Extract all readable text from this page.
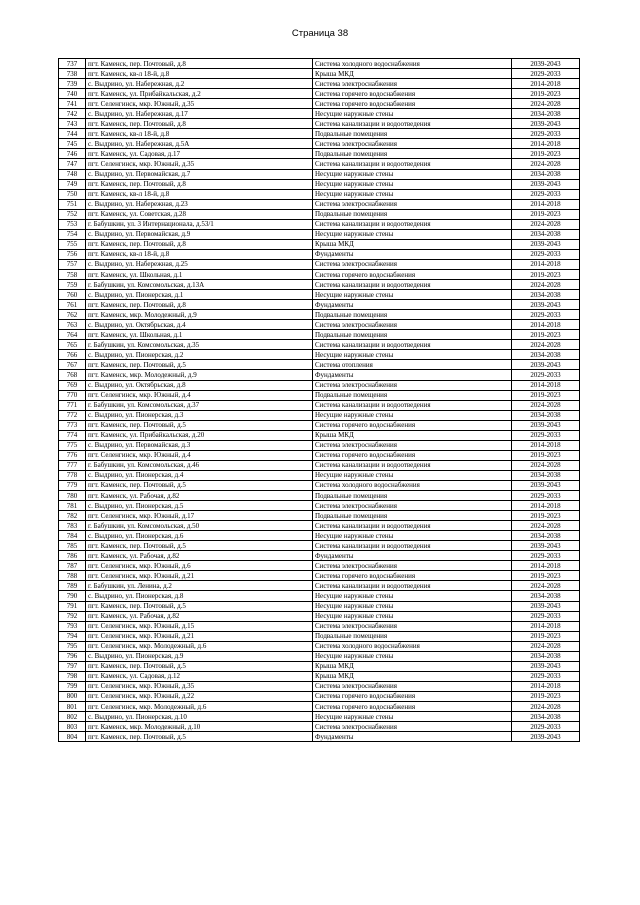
Страница 38
737	пгт. Каменск, пер. Почтовый, д.8	Система холодного водоснабжения	2039-2043
738	пгт. Каменск, кв-л 18-й, д.8	Крыша МКД	2029-2033
739	с. Выдрино, ул. Набережная, д.2	Система электроснабжения	2014-2018
740	пгт. Каменск, ул. Прибайкальская, д.2	Система горячего водоснабжения	2019-2023
741	пгт. Селенгинск, мкр. Южный, д.35	Система горячего водоснабжения	2024-2028
742	с. Выдрино, ул. Набережная, д.17	Несущие наружные стены	2034-2038
743	пгт. Каменск, пер. Почтовый, д.8	Система канализации и водоотведения	2039-2043
744	пгт. Каменск, кв-л 18-й, д.8	Подвальные помещения	2029-2033
745	с. Выдрино, ул. Набережная, д.5А	Система электроснабжения	2014-2018
746	пгт. Каменск, ул. Садовая, д.17	Подвальные помещения	2019-2023
747	пгт. Селенгинск, мкр. Южный, д.35	Система канализации и водоотведения	2024-2028
748	с. Выдрино, ул. Первомайская, д.7	Несущие наружные стены	2034-2038
749	пгт. Каменск, пер. Почтовый, д.8	Несущие наружные стены	2039-2043
750	пгт. Каменск, кв-л 18-й, д.8	Несущие наружные стены	2029-2033
751	с. Выдрино, ул. Набережная, д.23	Система электроснабжения	2014-2018
752	пгт. Каменск, ул. Советская, д.28	Подвальные помещения	2019-2023
753	г. Бабушкин, ул. 3 Интернационала, д.53/1	Система канализации и водоотведения	2024-2028
754	с. Выдрино, ул. Первомайская, д.9	Несущие наружные стены	2034-2038
755	пгт. Каменск, пер. Почтовый, д.8	Крыша МКД	2039-2043
756	пгт. Каменск, кв-л 18-й, д.8	Фундаменты	2029-2033
757	с. Выдрино, ул. Набережная, д.25	Система электроснабжения	2014-2018
758	пгт. Каменск, ул. Школьная, д.1	Система горячего водоснабжения	2019-2023
759	г. Бабушкин, ул. Комсомольская, д.13А	Система канализации и водоотведения	2024-2028
760	с. Выдрино, ул. Пионерская, д.1	Несущие наружные стены	2034-2038
761	пгт. Каменск, пер. Почтовый, д.8	Фундаменты	2039-2043
762	пгт. Каменск, мкр. Молодежный, д.9	Подвальные помещения	2029-2033
763	с. Выдрино, ул. Октябрьская, д.4	Система электроснабжения	2014-2018
764	пгт. Каменск, ул. Школьная, д.1	Подвальные помещения	2019-2023
765	г. Бабушкин, ул. Комсомольская, д.35	Система канализации и водоотведения	2024-2028
766	с. Выдрино, ул. Пионерская, д.2	Несущие наружные стены	2034-2038
767	пгт. Каменск, пер. Почтовый, д.5	Система отопления	2039-2043
768	пгт. Каменск, мкр. Молодежный, д.9	Фундаменты	2029-2033
769	с. Выдрино, ул. Октябрьская, д.8	Система электроснабжения	2014-2018
770	пгт. Селенгинск, мкр. Южный, д.4	Подвальные помещения	2019-2023
771	г. Бабушкин, ул. Комсомольская, д.37	Система канализации и водоотведения	2024-2028
772	с. Выдрино, ул. Пионерская, д.3	Несущие наружные стены	2034-2038
773	пгт. Каменск, пер. Почтовый, д.5	Система горячего водоснабжения	2039-2043
774	пгт. Каменск, ул. Прибайкальская, д.20	Крыша МКД	2029-2033
775	с. Выдрино, ул. Первомайская, д.3	Система электроснабжения	2014-2018
776	пгт. Селенгинск, мкр. Южный, д.4	Система горячего водоснабжения	2019-2023
777	г. Бабушкин, ул. Комсомольская, д.46	Система канализации и водоотведения	2024-2028
778	с. Выдрино, ул. Пионерская, д.4	Несущие наружные стены	2034-2038
779	пгт. Каменск, пер. Почтовый, д.5	Система холодного водоснабжения	2039-2043
780	пгт. Каменск, ул. Рабочая, д.82	Подвальные помещения	2029-2033
781	с. Выдрино, ул. Пионерская, д.5	Система электроснабжения	2014-2018
782	пгт. Селенгинск, мкр. Южный, д.17	Подвальные помещения	2019-2023
783	г. Бабушкин, ул. Комсомольская, д.50	Система канализации и водоотведения	2024-2028
784	с. Выдрино, ул. Пионерская, д.6	Несущие наружные стены	2034-2038
785	пгт. Каменск, пер. Почтовый, д.5	Система канализации и водоотведения	2039-2043
786	пгт. Каменск, ул. Рабочая, д.82	Фундаменты	2029-2033
787	пгт. Селенгинск, мкр. Южный, д.6	Система электроснабжения	2014-2018
788	пгт. Селенгинск, мкр. Южный, д.21	Система горячего водоснабжения	2019-2023
789	г. Бабушкин, ул. Ленина, д.2	Система канализации и водоотведения	2024-2028
790	с. Выдрино, ул. Пионерская, д.8	Несущие наружные стены	2034-2038
791	пгт. Каменск, пер. Почтовый, д.5	Несущие наружные стены	2039-2043
792	пгт. Каменск, ул. Рабочая, д.82	Несущие наружные стены	2029-2033
793	пгт. Селенгинск, мкр. Южный, д.15	Система электроснабжения	2014-2018
794	пгт. Селенгинск, мкр. Южный, д.21	Подвальные помещения	2019-2023
795	пгт. Селенгинск, мкр. Молодежный, д.6	Система холодного водоснабжения	2024-2028
796	с. Выдрино, ул. Пионерская, д.9	Несущие наружные стены	2034-2038
797	пгт. Каменск, пер. Почтовый, д.5	Крыша МКД	2039-2043
798	пгт. Каменск, ул. Садовая, д.12	Крыша МКД	2029-2033
799	пгт. Селенгинск, мкр. Южный, д.35	Система электроснабжения	2014-2018
800	пгт. Селенгинск, мкр. Южный, д.22	Система горячего водоснабжения	2019-2023
801	пгт. Селенгинск, мкр. Молодежный, д.6	Система горячего водоснабжения	2024-2028
802	с. Выдрино, ул. Пионерская, д.10	Несущие наружные стены	2034-2038
803	пгт. Каменск, мкр. Молодежный, д.10	Система электроснабжения	2029-2033
804	пгт. Каменск, пер. Почтовый, д.5	Фундаменты	2039-2043
